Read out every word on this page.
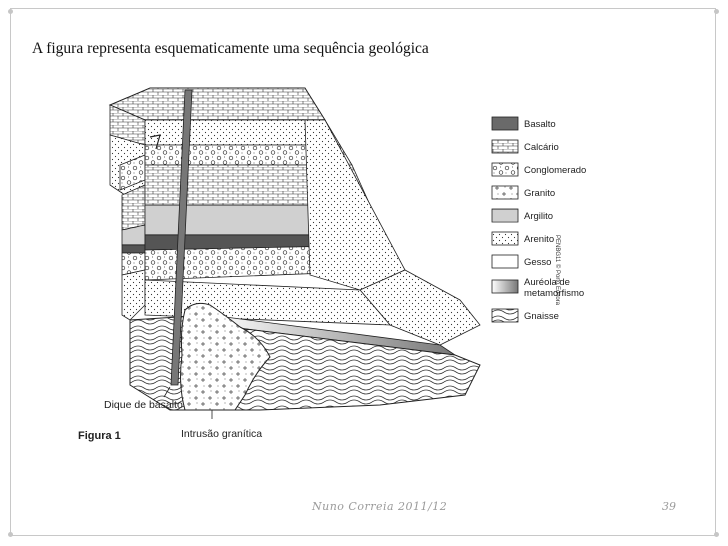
A figura representa esquematicamente uma sequência geológica
Dique de basalto
Intrusão granítica
Figura 1
PENBG11 © Porto Editora
Basalto
Calcário
Conglomerado
Granito
Argilito
Arenito
Gesso
Auréola de
metamorfismo
Gnaisse
Nuno Correia 2011/12	39
